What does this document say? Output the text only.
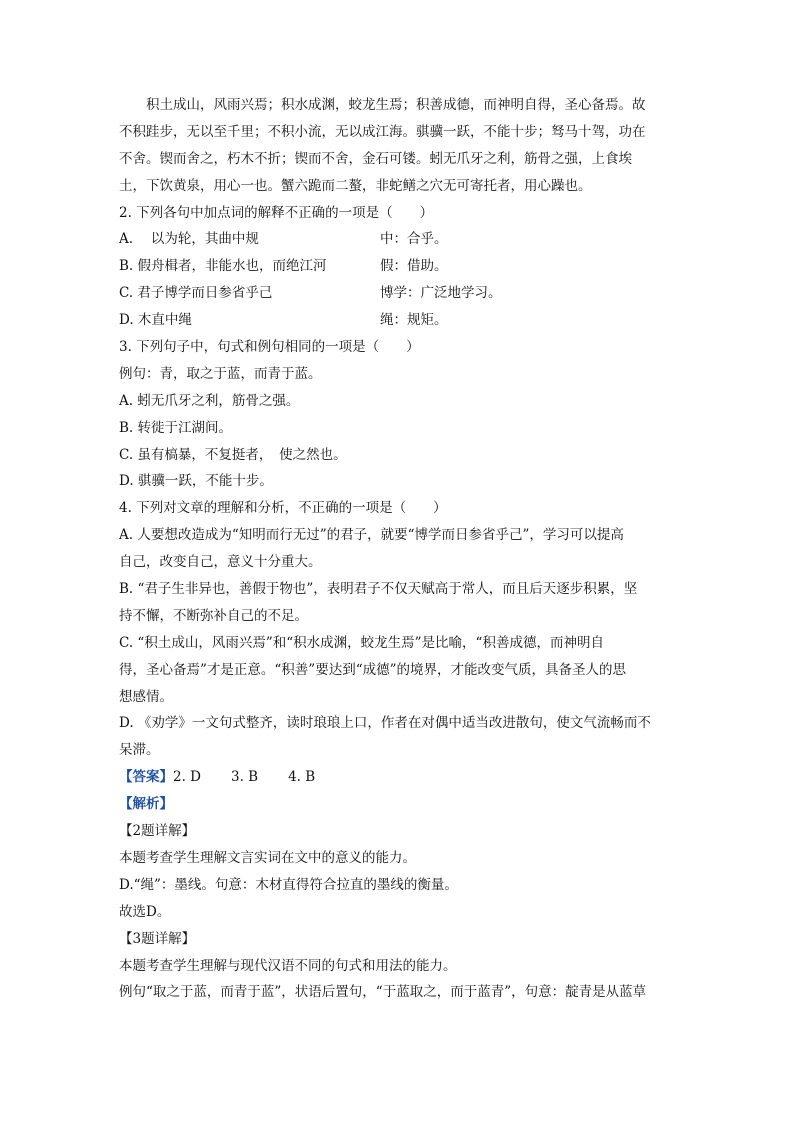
积土成山，风雨兴焉；积水成渊，蛟龙生焉；积善成德，而神明自得，圣心备焉。故
不积跬步，无以至千里；不积小流，无以成江海。骐骥一跃，不能十步；驽马十驾，功在
不舍。锲而舍之，朽木不折；锲而不舍，金石可镂。蚓无爪牙之利，筋骨之强，上食埃
土，下饮黄泉，用心一也。蟹六跪而二螯，非蛇鳝之穴无可寄托者，用心躁也。
2. 下列各句中加点词的解释不正确的一项是（　　）
A.　 以为轮，其曲中规	中：合乎。
B. 假舟楫者，非能水也，而绝江河	假：借助。
C. 君子博学而日参省乎己	博学：广泛地学习。
D. 木直中绳	绳：规矩。
3. 下列句子中，句式和例句相同的一项是（　　）
例句：青，取之于蓝，而青于蓝。
A. 蚓无爪牙之利，筋骨之强。
B. 转徙于江湖间。
C. 虽有槁暴，不复挺者，　使之然也。
D. 骐骥一跃，不能十步。
4. 下列对文章的理解和分析，不正确的一项是（　　）
A. 人要想改造成为“知明而行无过”的君子，就要“博学而日参省乎己”，学习可以提高
自己，改变自己，意义十分重大。
B. “君子生非异也，善假于物也”，表明君子不仅天赋高于常人，而且后天逐步积累，坚
持不懈，不断弥补自己的不足。
C. “积土成山，风雨兴焉”和“积水成渊，蛟龙生焉”是比喻，“积善成德，而神明自
得，圣心备焉”才是正意。“积善”要达到“成德”的境界，才能改变气质，具备圣人的思
想感情。
D. 《劝学》一文句式整齐，读时琅琅上口，作者在对偶中适当改进散句，使文气流畅而不
呆滞。
【答案】2. D 3. B 4. B
【解析】
【2题详解】
本题考查学生理解文言实词在文中的意义的能力。
D.“绳”：墨线。句意：木材直得符合拉直的墨线的衡量。
故选D。
【3题详解】
本题考查学生理解与现代汉语不同的句式和用法的能力。
例句“取之于蓝，而青于蓝”，状语后置句，“于蓝取之，而于蓝青”，句意：靛青是从蓝草
